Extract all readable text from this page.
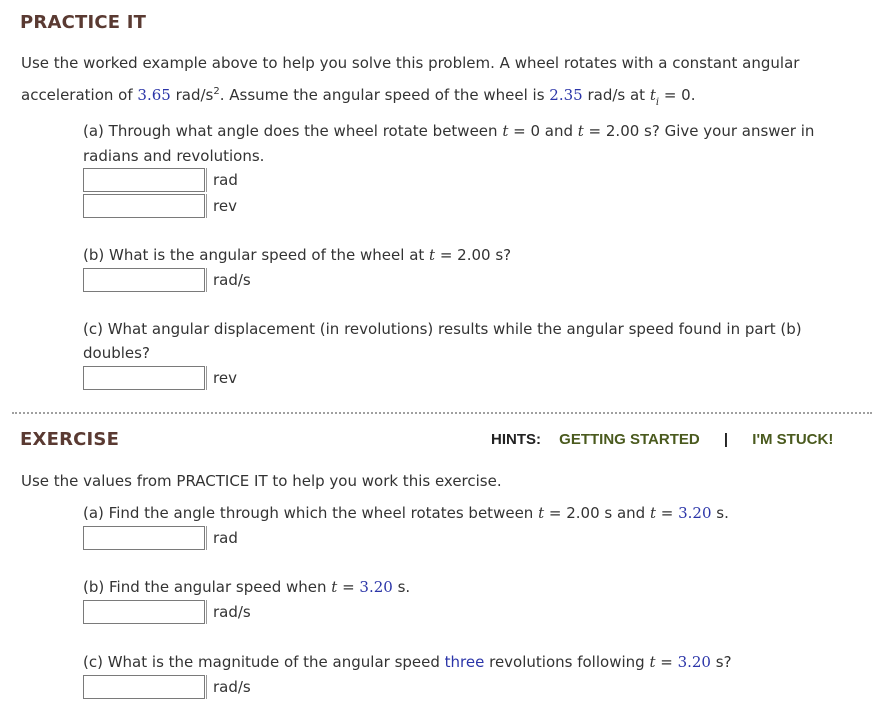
PRACTICE IT
Use the worked example above to help you solve this problem. A wheel rotates with a constant angular
acceleration of 3.65 rad/$s^2$. Assume the angular speed of the wheel is 2.35 rad/s at $t_i = 0$.
(a) Through what angle does the wheel rotate between t = 0 and t = 2.00 s? Give your answer in
radians and revolutions.
rad
rev
(b) What is the angular speed of the wheel at t = 2.00 s?
rad/s
(c) What angular displacement (in revolutions) results while the angular speed found in part (b)
doubles?
rev
EXERCISE	HINTS: GETTING STARTED | I'M STUCK!
Use the values from PRACTICE IT to help you work this exercise.
(a) Find the angle through which the wheel rotates between t = 2.00 s and t = 3.20 s.
rad
(b) Find the angular speed when t = 3.20 s.
rad/s
(c) What is the magnitude of the angular speed three revolutions following t = 3.20 s?
rad/s
